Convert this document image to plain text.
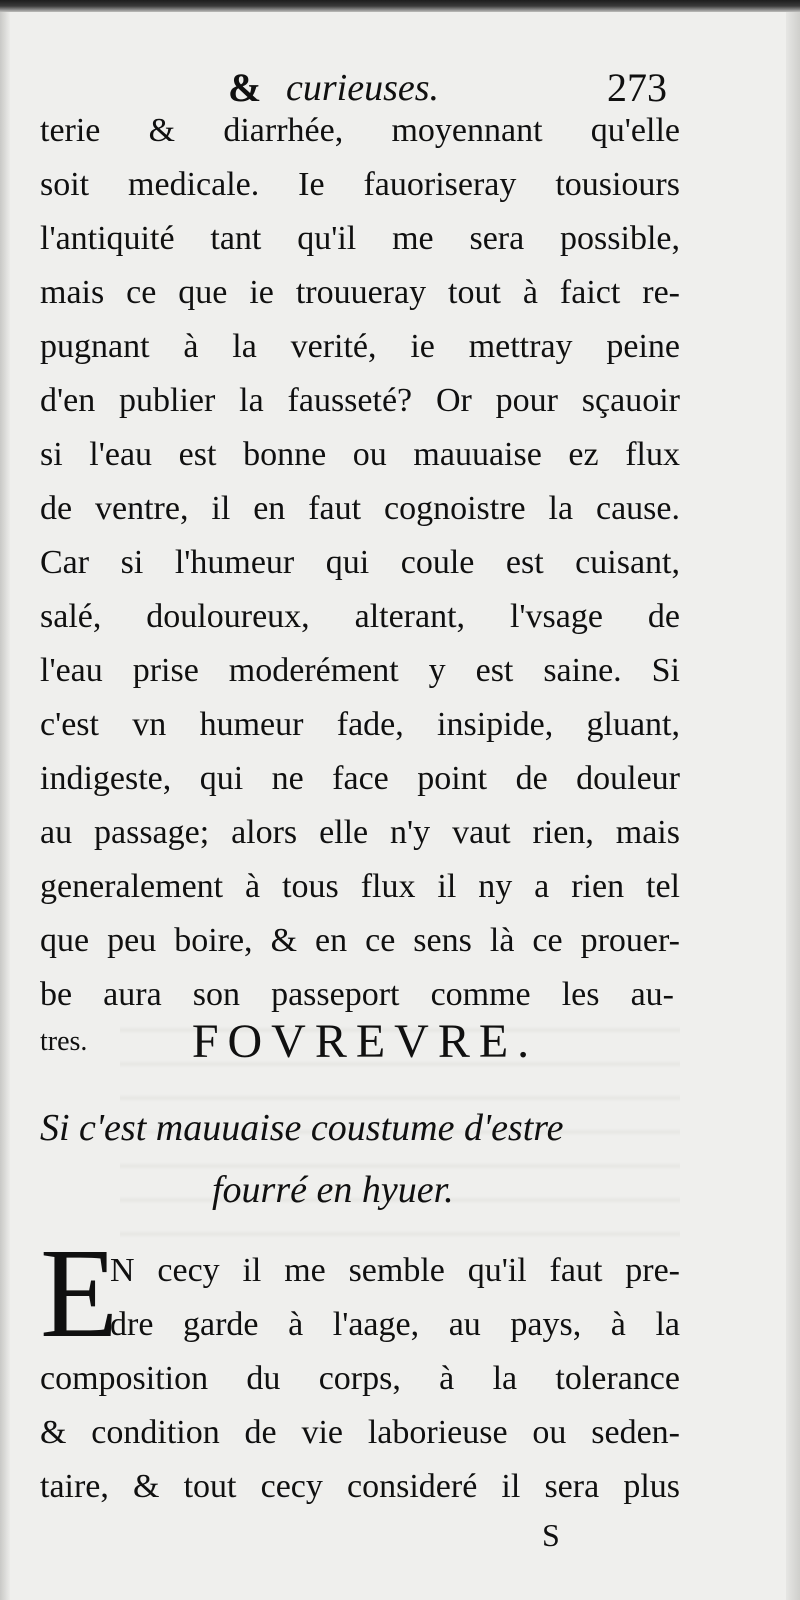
& curieuses.	273
terie & diarrhée, moyennant qu'elle
soit medicale. Ie fauoriseray tousiours
l'antiquité tant qu'il me sera possible,
mais ce que ie trouueray tout à faict re-
pugnant à la verité, ie mettray peine
d'en publier la fausseté? Or pour sçauoir
si l'eau est bonne ou mauuaise ez flux
de ventre, il en faut cognoistre la cause.
Car si l'humeur qui coule est cuisant,
salé, douloureux, alterant, l'vsage de
l'eau prise moderément y est saine. Si
c'est vn humeur fade, insipide, gluant,
indigeste, qui ne face point de douleur
au passage; alors elle n'y vaut rien, mais
generalement à tous flux il ny a rien tel
que peu boire, & en ce sens là ce prouer-
be aura son passeport comme les au-
tres.	FOVREVRE.
Si c'est mauuaise coustume d'estre
fourré en hyuer.
E
N cecy il me semble qu'il faut pre-
dre garde à l'aage, au pays, à la
composition du corps, à la tolerance
& condition de vie laborieuse ou seden-
taire, & tout cecy consideré il sera plus
S
